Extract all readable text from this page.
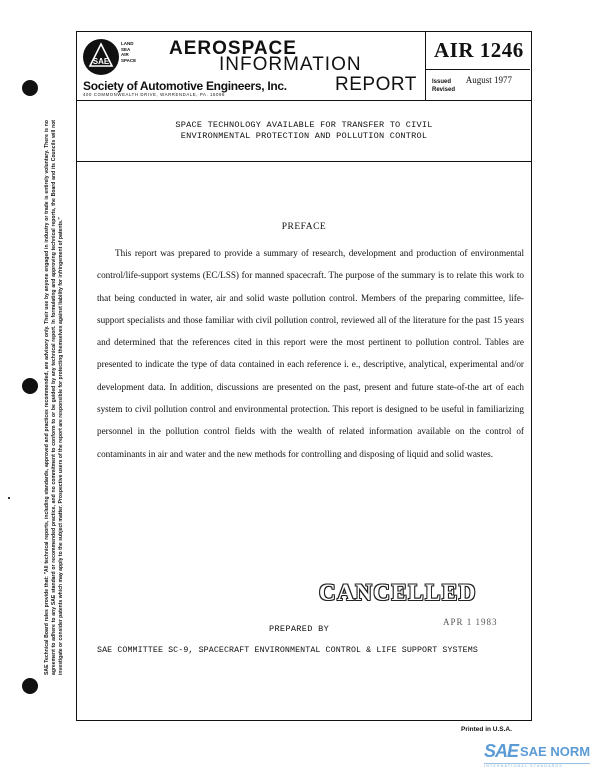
SAE Technical Board rules provide that: "All technical reports, including standards, approved and practices recommended, are advisory only. Their use by anyone engaged in industry or trade is entirely voluntary. There is no agreement to adhere to any SAE standard or recommended practice, and no commitment to conform to or be guided by any technical report. In formulating and approving technical reports, the Board and its Councils will not investigate or consider patents which may apply to the subject matter. Prospective users of the report are responsible for protecting themselves against liability for infringement of patents."
SAE
LAND
SEA
AIR
SPACE
AEROSPACE
INFORMATION
REPORT
Society of Automotive Engineers, Inc.
400 COMMONWEALTH DRIVE, WARRENDALE, PA. 15096
AIR 1246
Issued August 1977
Revised
SPACE TECHNOLOGY AVAILABLE FOR TRANSFER TO CIVIL
ENVIRONMENTAL PROTECTION AND POLLUTION CONTROL
PREFACE
This report was prepared to provide a summary of research, development and production of environmental control/life-support systems (EC/LSS) for manned spacecraft. The purpose of the summary is to relate this work to that being conducted in water, air and solid waste pollution control. Members of the preparing committee, life-support specialists and those familiar with civil pollution control, reviewed all of the literature for the past 15 years and determined that the references cited in this report were the most pertinent to pollution control. Tables are presented to indicate the type of data contained in each reference i. e., descriptive, analytical, experimental and/or development data. In addition, discussions are presented on the past, present and future state-of-the art of each system to civil pollution control and environmental protection. This report is designed to be useful in familiarizing personnel in the pollution control fields with the wealth of related information available on the control of contaminants in air and water and the new methods for controlling and disposing of liquid and solid wastes.
CANCELLED
APR 1 1983
PREPARED BY
SAE COMMITTEE SC-9, SPACECRAFT ENVIRONMENTAL CONTROL & LIFE SUPPORT SYSTEMS
Printed in U.S.A.
SAE SAE NORM
INTERNATIONAL STANDARDS
